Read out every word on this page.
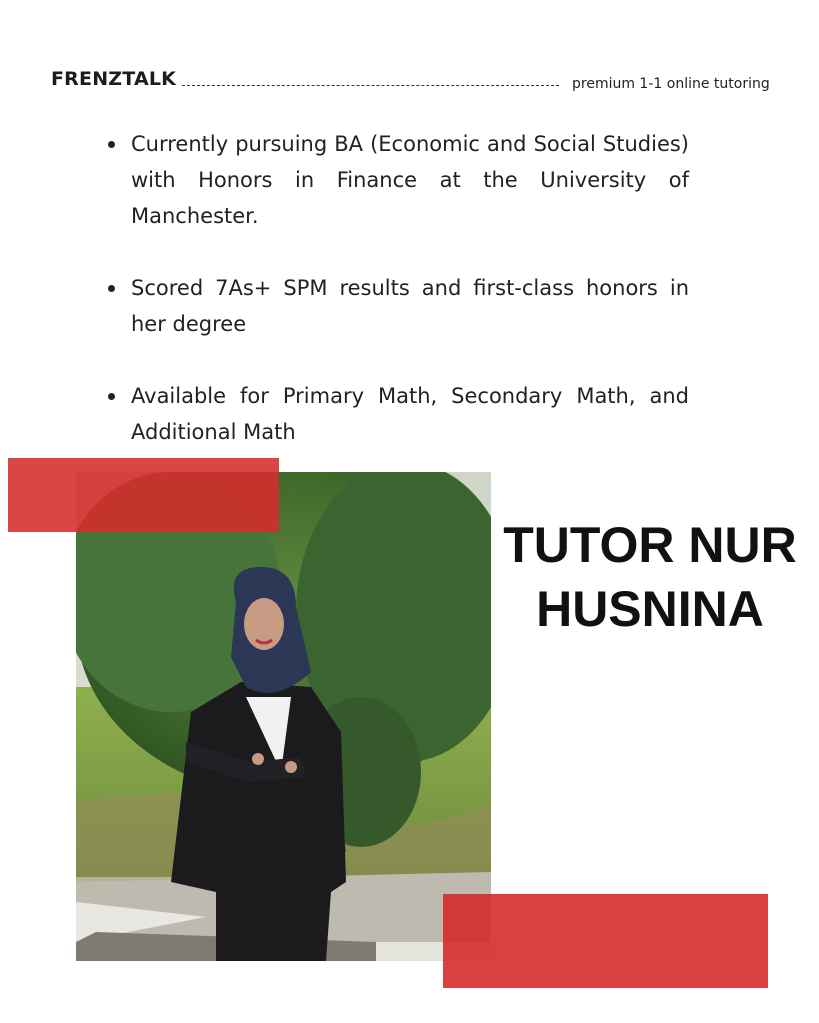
FRENZTALK	premium 1-1 online tutoring
Currently pursuing BA (Economic and Social Studies) with Honors in Finance at the University of Manchester.
Scored 7As+ SPM results and first-class honors in her degree
Available for Primary Math, Secondary Math, and Additional Math
TUTOR NUR HUSNINA
